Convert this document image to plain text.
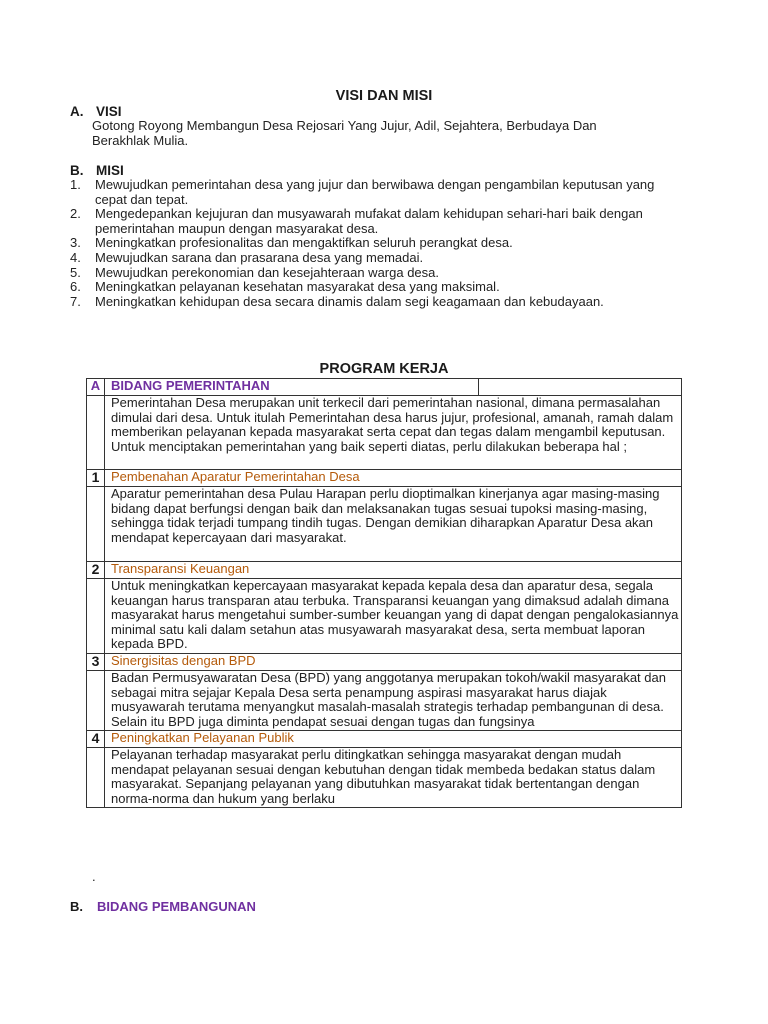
VISI DAN MISI
A. VISI
Gotong Royong Membangun Desa Rejosari Yang Jujur, Adil, Sejahtera, Berbudaya Dan Berakhlak Mulia.
B. MISI
1.	Mewujudkan pemerintahan desa yang jujur dan berwibawa dengan pengambilan keputusan yang cepat dan tepat.
2.	Mengedepankan kejujuran dan musyawarah mufakat dalam kehidupan sehari-hari baik dengan pemerintahan maupun dengan masyarakat desa.
3.	Meningkatkan profesionalitas dan mengaktifkan seluruh perangkat desa.
4.	Mewujudkan sarana dan prasarana desa yang memadai.
5.	Mewujudkan perekonomian dan kesejahteraan warga desa.
6.	Meningkatkan pelayanan kesehatan masyarakat desa yang maksimal.
7.	Meningkatkan kehidupan desa secara dinamis dalam segi keagamaan dan kebudayaan.
PROGRAM KERJA
A	BIDANG PEMERINTAHAN	
	Pemerintahan Desa merupakan unit terkecil dari pemerintahan nasional, dimana permasalahan dimulai dari desa. Untuk itulah Pemerintahan desa harus jujur, profesional, amanah, ramah dalam memberikan pelayanan kepada masyarakat serta cepat dan tegas dalam mengambil keputusan. Untuk menciptakan pemerintahan yang baik seperti diatas, perlu dilakukan beberapa hal ;	
1	Pembenahan Aparatur Pemerintahan Desa	
	Aparatur pemerintahan desa Pulau Harapan perlu dioptimalkan kinerjanya agar masing-masing bidang dapat berfungsi dengan baik dan melaksanakan tugas sesuai tupoksi masing-masing, sehingga tidak terjadi tumpang tindih tugas. Dengan demikian diharapkan Aparatur Desa akan mendapat kepercayaan dari masyarakat.	
2	Transparansi Keuangan	
	Untuk meningkatkan kepercayaan masyarakat kepada kepala desa dan aparatur desa, segala keuangan harus transparan atau terbuka. Transparansi keuangan yang dimaksud adalah dimana masyarakat harus mengetahui sumber-sumber keuangan yang di dapat dengan pengalokasiannya minimal satu kali dalam setahun atas musyawarah masyarakat desa, serta membuat laporan kepada BPD.	
3	Sinergisitas dengan BPD	
	Badan Permusyawaratan Desa (BPD) yang anggotanya merupakan tokoh/wakil masyarakat dan sebagai mitra sejajar Kepala Desa serta penampung aspirasi masyarakat harus diajak musyawarah terutama menyangkut masalah-masalah strategis terhadap pembangunan di desa. Selain itu BPD juga diminta pendapat sesuai dengan tugas dan fungsinya	
4	Peningkatkan Pelayanan Publik	
	Pelayanan terhadap masyarakat perlu ditingkatkan sehingga masyarakat dengan mudah mendapat pelayanan sesuai dengan kebutuhan dengan tidak membeda bedakan status dalam masyarakat. Sepanjang pelayanan yang dibutuhkan masyarakat tidak bertentangan dengan norma-norma dan hukum yang berlaku	
.
B. BIDANG PEMBANGUNAN
